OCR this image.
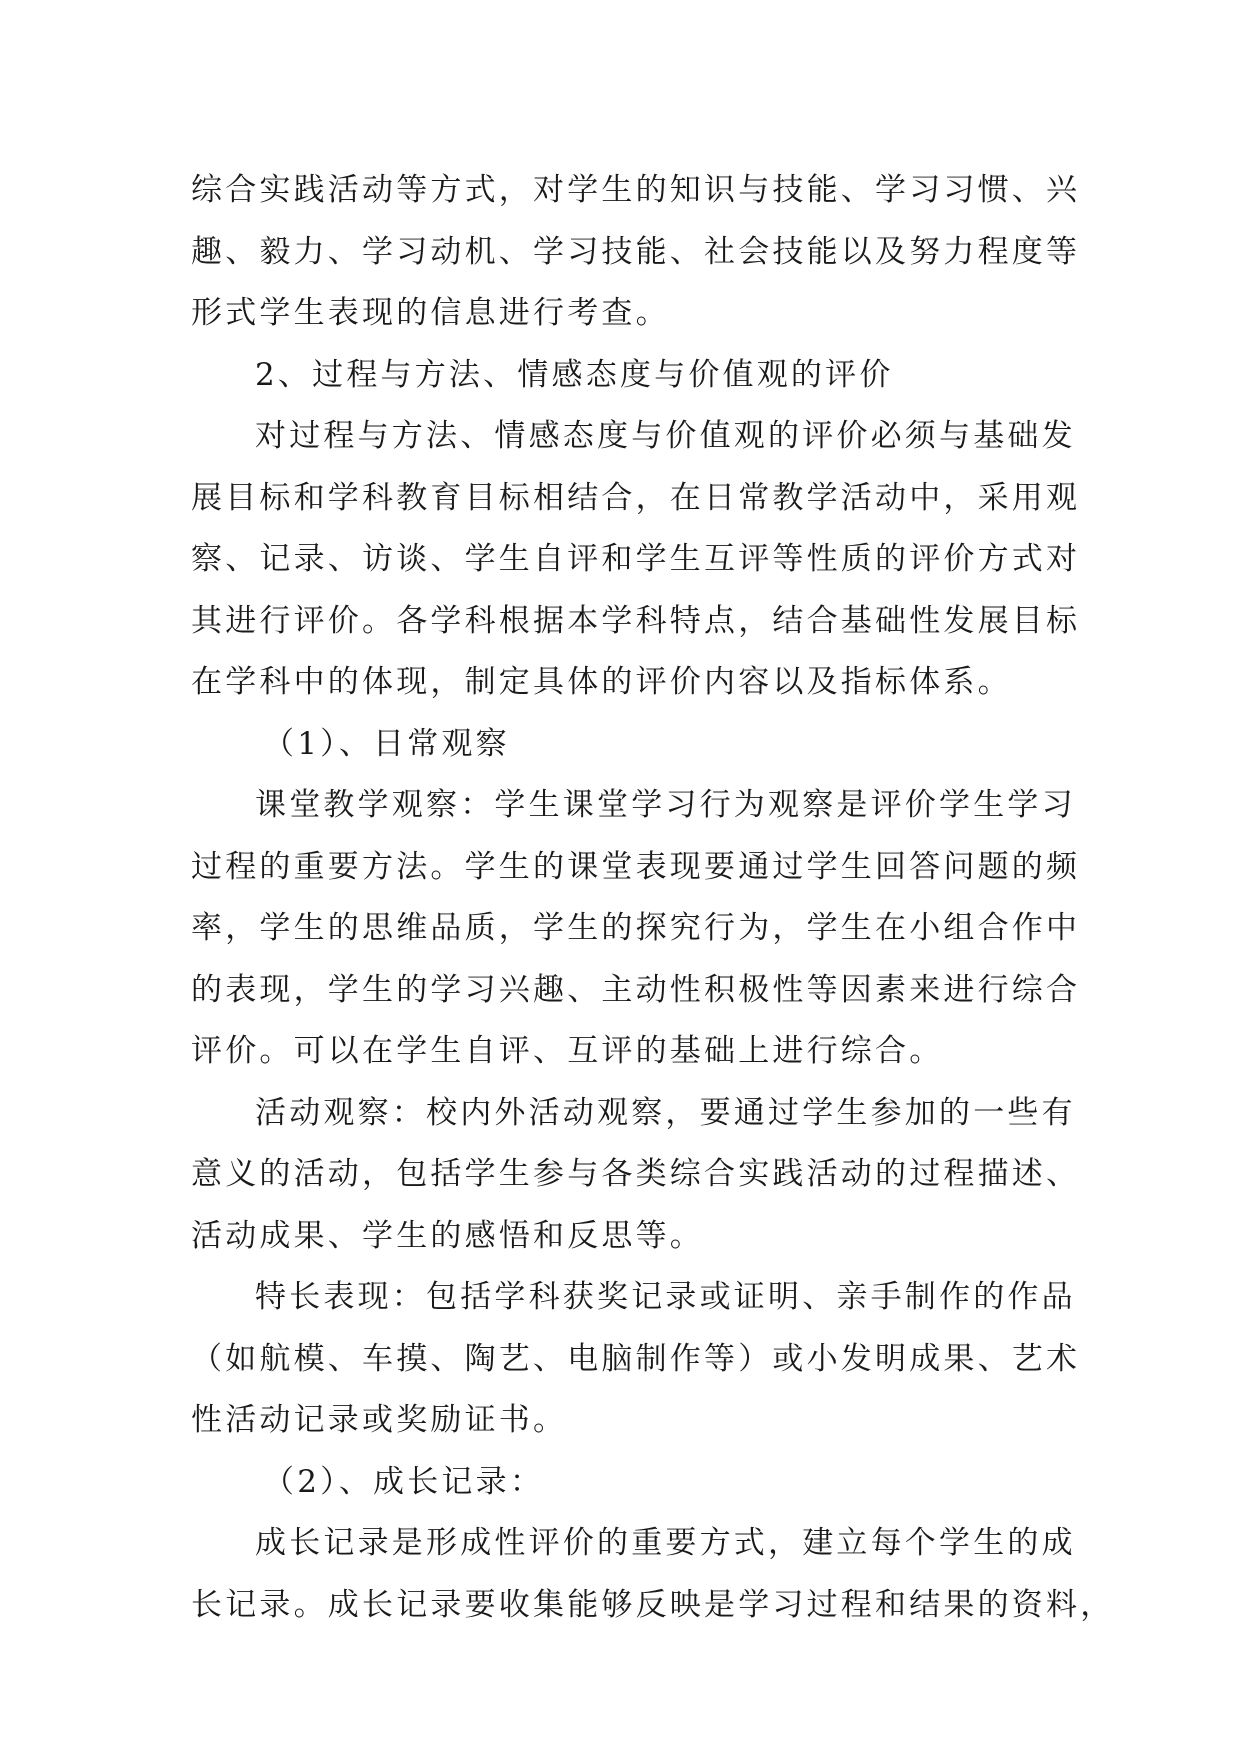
综合实践活动等方式，对学生的知识与技能、学习习惯、兴
趣、毅力、学习动机、学习技能、社会技能以及努力程度等
形式学生表现的信息进行考查。
2、过程与方法、情感态度与价值观的评价
对过程与方法、情感态度与价值观的评价必须与基础发
展目标和学科教育目标相结合，在日常教学活动中，采用观
察、记录、访谈、学生自评和学生互评等性质的评价方式对
其进行评价。各学科根据本学科特点，结合基础性发展目标
在学科中的体现，制定具体的评价内容以及指标体系。
（1）、日常观察
课堂教学观察：学生课堂学习行为观察是评价学生学习
过程的重要方法。学生的课堂表现要通过学生回答问题的频
率，学生的思维品质，学生的探究行为，学生在小组合作中
的表现，学生的学习兴趣、主动性积极性等因素来进行综合
评价。可以在学生自评、互评的基础上进行综合。
活动观察：校内外活动观察，要通过学生参加的一些有
意义的活动，包括学生参与各类综合实践活动的过程描述、
活动成果、学生的感悟和反思等。
特长表现：包括学科获奖记录或证明、亲手制作的作品
（如航模、车摸、陶艺、电脑制作等）或小发明成果、艺术
性活动记录或奖励证书。
（2）、成长记录：
成长记录是形成性评价的重要方式，建立每个学生的成
长记录。成长记录要收集能够反映是学习过程和结果的资料，
